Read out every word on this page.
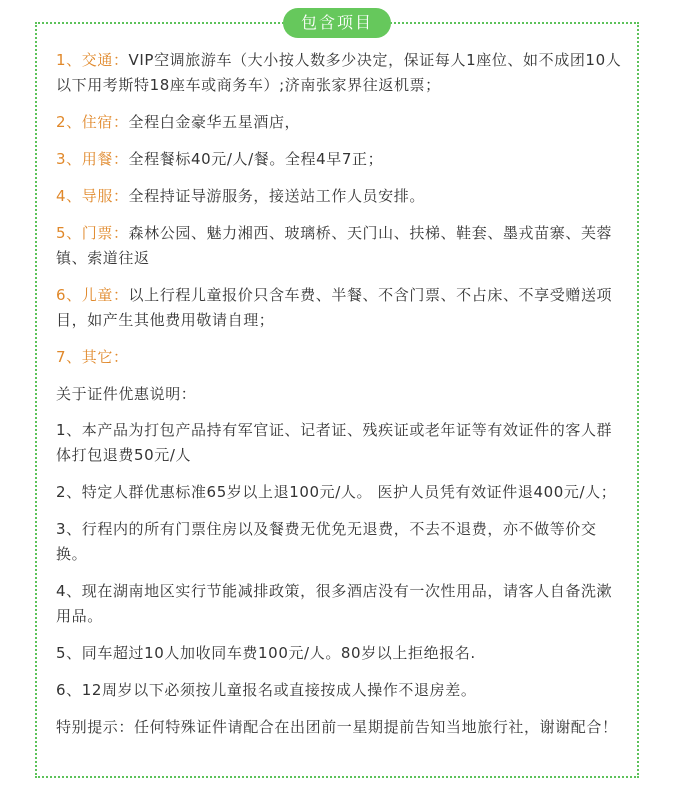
包含项目

1、交通：VIP空调旅游车（大小按人数多少决定，保证每人1座位、如不成团10人以下用考斯特18座车或商务车）;济南张家界往返机票；

2、住宿：全程白金豪华五星酒店，

3、用餐：全程餐标40元/人/餐。全程4早7正；

4、导服：全程持证导游服务，接送站工作人员安排。

5、门票：森林公园、魅力湘西、玻璃桥、天门山、扶梯、鞋套、墨戎苗寨、芙蓉镇、索道往返

6、儿童：以上行程儿童报价只含车费、半餐、不含门票、不占床、不享受赠送项目，如产生其他费用敬请自理；

7、其它：

关于证件优惠说明：

1、本产品为打包产品持有军官证、记者证、残疾证或老年证等有效证件的客人群体打包退费50元/人

2、特定人群优惠标准65岁以上退100元/人。 医护人员凭有效证件退400元/人；

3、行程内的所有门票住房以及餐费无优免无退费，不去不退费，亦不做等价交换。

4、现在湖南地区实行节能减排政策，很多酒店没有一次性用品，请客人自备洗漱用品。

5、同车超过10人加收同车费100元/人。80岁以上拒绝报名.

6、12周岁以下必须按儿童报名或直接按成人操作不退房差。

特别提示：任何特殊证件请配合在出团前一星期提前告知当地旅行社，谢谢配合！
